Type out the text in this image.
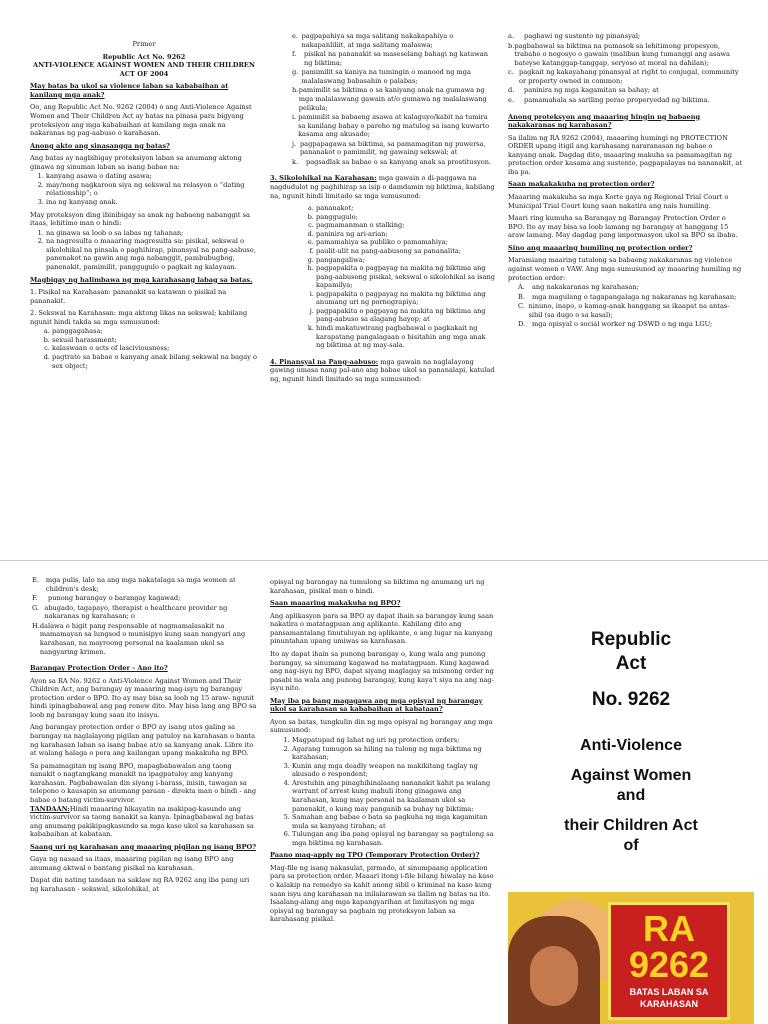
Primer

Republic Act No. 9262

ANTI-VIOLENCE AGAINST WOMEN AND THEIR CHILDREN ACT OF 2004

May batas ba ukol sa violence laban sa kababaihan at kanilang mga anak?

Oo, ang Republic Act No. 9262 (2004) o ang Anti-Violence Against Women and Their Children Act ay batas na pinasa para bigyang proteksiyon ang mga kababaihan at kanilang mga anak na nakaranas ng pag-aabuso o karahasan.

Anong akto ang sinasangga ng batas?

Ang batas ay nagbibigay proteksiyon laban sa anumang aktong ginawa ng sinuman laban sa isang babae na:

1. kanyang asawa o dating asawa;
2. may/nong nagkaroon siya ng sekswal na relasyon o “dating relationship”; o
3. ina ng kanyang anak.

May proteksyon ding ibinibigay sa anak ng babaeng nabanggit sa itaas, lehitimo man o hindi:

1. na ginawa sa loob o sa labas ng tahanan;
2. na nagresulta o maaaring magresulta sa: pisikal, sekswal o sikolohikal na pinsala o paghihirap, pinansyal na pang-aabuso, panenakot na gawin ang mga nabanggit, pambubugbog, panenakit, pamimilit, panggugulo o pagkait ng kalayaan.

Magbigay ng halimbawa ng mga karahasang labag sa batas.

1. Pisikal na Karahasan: pananakit sa katawan o pisikal na pananakit.

2. Sekswal na Karahasan: mga aktong likas na sekswal; kabilang ngunit hindi takda sa mga sumusunod:

a. panggagahasa;
b. sexual harassment;
c. kalaswaan o acts of lasciviousness;
d. pagtrato sa babae o kanyang anak bilang sekswal na bagay o sex object;
e. pagpapahiya sa mga salitang nakakapahiya o nakapanliliit, at mga salitang malaswa;
f.	pisikal na pananakit sa maseselang bahagi ng katawan ng biktima;
g. pamimilit sa kaniya na tumingin o manood ng mga malalaswang babasahin o palabas;
h. pamimilit sa biktima o sa kaniyang anak na gumawa ng mga malalaswang gawain at/o gumawa ng malalaswang pelikula;
i. pamimilit sa babaeng asawa at kalaguyo/kabit na tumira sa kanilang bahay o pareho ng matulog sa isang kuwarto kasama ang akusado;
j. pagpapagawa sa biktima, sa pamamagitan ng puwersa, pananakot o pamimilit, ng gawaing sekswal; at
k.	pagsadlak sa babae o sa kanyang anak sa prostitusyon.

3. Sikolohikal na Karahasan: mga gawain o di-paggawa na nagdudulot ng paghihirap sa isip o damdamin ng biktima, kabilang na, ngunit hindi limitado sa mga sumusunod:

a. pananakot;
b. panggugulo;
c. pagmamanman o stalking;
d. paninira ng ari-arian;
e. pamamahiya sa publiko o pamamahiya;
f. paulit-ulit na pang-aabusong sa pananalita;
g. pangangaliwa;
h. pagpapakita o pagpayag na makita ng biktima ang pang-aabusong pisikal, sekswal o sikolohikal sa isang kapamilya;
i. pagpapakita o pagpayag na makita ng biktima ang anumang uri ng pornograpiya;
j. pagpapakita o pagpayag na makita ng biktima ang pang-aabuso sa alagang hayop; at
k. hindi makatuwirang pagbabawal o pagkakait ng karapatang pangalagaan o bisitahin ang mga anak ng biktima at ng may-sala.

4. Pinansyal na Pang-aabuso: mga gawain na naglalayong gawing umasa nang pal-ano ang babae ukol sa pananalapi, katulad ng, ngunit hindi limitado sa mga sumusunod:

a.	pagbawi ng sustento ng pinansyal;
b. pagbabawal sa biktima na pumasok sa lehitimong propesyon, trabaho o negosyo o gawain (maliban kung tumanggi ang asawa bateyse katanggap-tanggap, seryoso at moral na dahilan);
c. pagkait ng kakayahang pinansyal at right to conjugal, community or property owned in common;
d.	paninira ng mga kagamitan sa bahay; at
e.	pamamahala sa sariling perao properyedad ng biktima.

Anong proteksyon ang maaaring hingin ng babaeng nakakaranas ng karahasan?

Sa ilalim ng RA 9262 (2004), maaaring humingi ng PROTECTION ORDER upang itigil ang karahasang nararanasan ng babae o kanyang anak. Dagdag dito, maaaring makuha sa pamamagitan ng protection order kasama ang sustento, pagpapalayas na nananakit, at iba pa.

Saan makakakuha ng protection order?

Maaaring makakuha sa mga Korte gaya ng Regional Trial Court o Municipal Trial Court kung saan nakatira ang nais humiling.

Maari ring kumuha sa Barangay ng Barangay Protection Order o BPO. Ito ay may bisa sa loob lamang ng barangay at hanggang 15 araw lamang. May dagdag pang impormasyon ukol sa BPO sa ibaba.

Sino ang maaaring humiling ng protection order?

Maramiang maaring tutulong sa babaeng nakakaranas ng violence against women o VAW. Ang mga sumusunod ay maaaring humiling ng protection order:

A.	ang nakakaranas ng karahasan;
B.	mga magulang o tagapangalaga ng nakaranas ng karahasan;
C. ninuno, inapo, o kamag-anak hanggang sa ikaapat na antas-sibil (sa dugo o sa kasal);
D.	mga opisyal o social worker ng DSWD o ng mga LGU;
E.	mga pulis, lalo na ang mga nakatalaga sa mga women at children's desk;
F.	punong barangay o barangay kagawad;
G. abugado, tagapayo, therapist o healthcare provider ng nakaranas ng karahasan; o
H. dalawa o higit pang responsable at nagmamalasakit na mamamayan sa lungsod o munisipyo kung saan nangyari ang karahasan, na mayroong personal na kaalaman ukol sa nangyaring krimen.

Barangay Protection Order - Ano ito?

Ayon sa RA No. 9262 o Anti-Violence Against Women and Their Children Act, ang barangay ay maaaring mag-isyu ng barangay protection order o BPO. Ito ay may bisa sa loob ng 15 araw- ngunit hindi ipinagbabawal ang pag renew dito. May bisa lang ang BPO sa loob ng barangay kung saan ito inisyu.

Ang barangay protection order o BPO ay isang utos galing sa barangay na naglalayong pigilan ang patuloy na karahasan o banta ng karahasan laban sa isang babae at/o sa kanyang anak. Libre ito at walang halaga o pera ang kailangan upang makakuha ng BPO.

Sa pamamagitan ng isang BPO, mapagbabawalan ang taong nanakit o nagtangkang manakit na ipagpatuloy ang kanyang karahasan. Pagbabawalan din siyang i-harass, inisin, tawagan sa telepono o kausapin sa anumang paraan - direkta man o hindi - ang babae o batang victim-survivor.

TANDAAN:Hindi maaaring hikayatin na makipag-kasundo ang victim-survivor sa taong nanakit sa kanya. Ipinagbabawal ng batas ang anumang pakikipagkasundo sa mga kaso ukol sa karahasan sa kababaihan at kabataan.

Saang uri ng karahasan ang maaaring pigilan ng isang BPO?

Gaya ng nasaad sa itaas, maaaring pigilan ng isang BPO ang anumang aktwal o bantang pisikal na karahasan.

Dapat din nating tandaan na saklaw ng RA 9262 ang iba pang uri ng karahasan - sekswal, sikolohikal, at

opisyal ng barangay na tumulong sa biktima ng anumang uri ng karahasan, pisikal man o hindi.

Saan maaaring makakuha ng BPO?

Ang aplikasyon para sa BPO ay dapat ihain sa barangay kung saan nakatira o matatagpuan ang aplikante. Kabilang dito ang pansamantalang tinutuluyan ng aplikante, o ang lugar na kanyang pinuntahan upang umiwas sa karahasan.

Ito ay dapat ihain sa punong barangay o, kung wala ang punong barangay, sa sinumang kagawad na matatagpuan. Kung kagawad ang nag-isyu ng BPO, dapat siyang maglagay sa mismong order ng pasabi na wala ang punong barangay, kung kaya't siya na ang nag-isyu nito.

May iba pa bang magagawa ang mga opisyal ng barangay ukol sa karahasan sa kababaihan at kabataan?

Ayon sa batas, tungkulin din ng mga opisyal ng barangay ang mga sumusunod:

1. Magpatupad ng lahat ng uri ng protection orders;
2. Agarang tumugon sa hiling na tulong ng mga biktima ng karahasan;
3. Kunin ang mga deadly weapon na makikitang taglay ng akusado o respondent;
4. Arestuhin ang pinaghihinalaang nananakit kahit pa walang warrant of arrest kung mahuli itong ginagawa ang karahasan, kung may personal na kaalaman ukol sa panenakit, o kung may panganib sa buhay ng biktima;
5. Samahan ang babae o bata sa pagkuha ng mga kagamitan mula sa kanyang tirahan; at
6. Tulungan ang iba pang opisyal ng barangay sa pagtulong sa mga biktima ng karahasan.

Paano mag-apply ng TPO (Temporary Protection Order)?

Mag-file ng isang nakasulat, pirmado, at sinumpaang application para sa protection order. Maaari itong i-file bilang hiwalay na kaso o kalakip na remedyo sa kahit anong sibil o kriminal na kaso kung saan isyu ang karahasan na inilalarawan sa ilalim ng batas na ito. Isaalang-alang ang mga kapangyarihan at limitasyon ng mga opisyal ng barangay sa paghain ng proteksyon laban sa karahasang pisikal.

Republic
Act
No. 9262
Anti-Violence
Against Women
and
their Children Act
of
RA
9262
BATAS LABAN SA KARAHASAN
